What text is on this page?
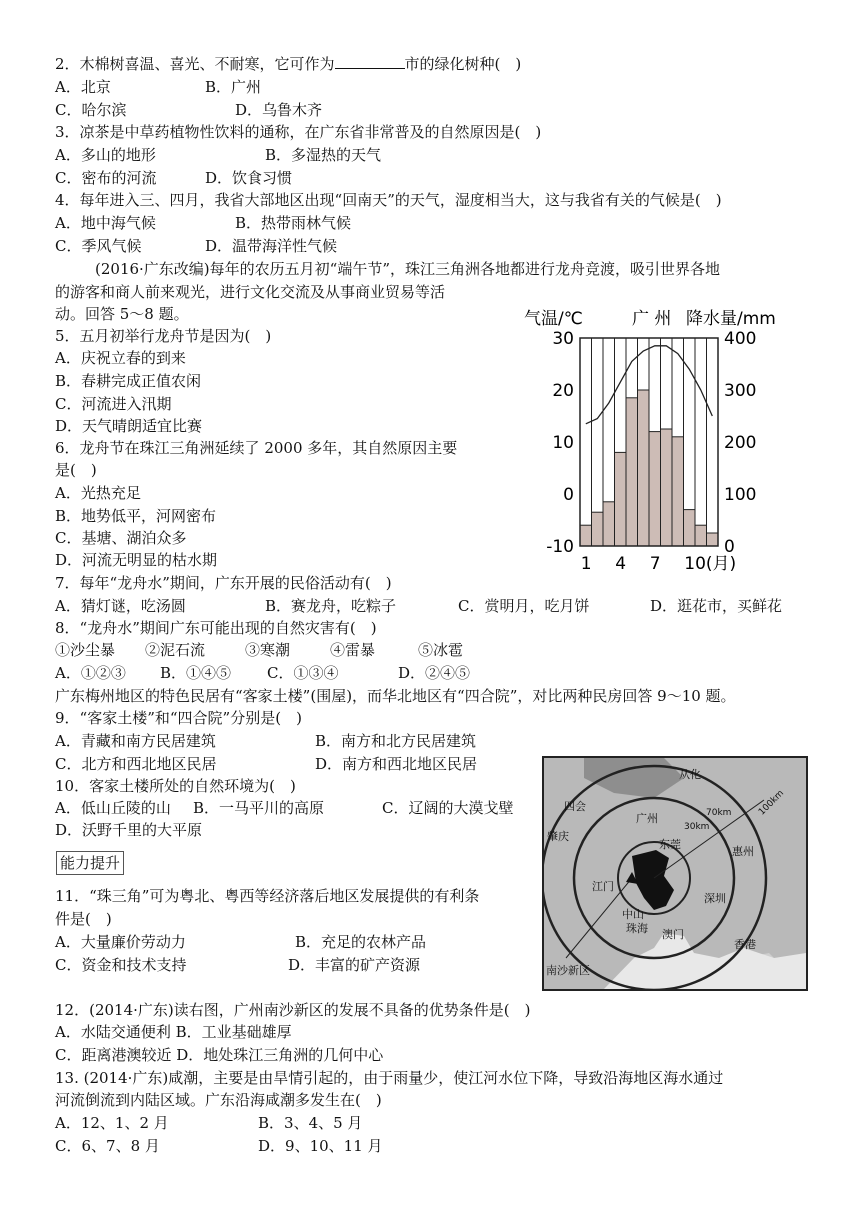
2．木棉树喜温、喜光、不耐寒，它可作为	市的绿化树种(　)
A．北京	B．广州
C．哈尔滨	D．乌鲁木齐
3．凉茶是中草药植物性饮料的通称，在广东省非常普及的自然原因是(　)
A．多山的地形	B．多湿热的天气
C．密布的河流	D．饮食习惯
4．每年进入三、四月，我省大部地区出现“回南天”的天气，湿度相当大，这与我省有关的气候是(　)
A．地中海气候	B．热带雨林气候
C．季风气候	D．温带海洋性气候
(2016·广东改编)每年的农历五月初“端午节”，珠江三角洲各地都进行龙舟竞渡，吸引世界各地
的游客和商人前来观光，进行文化交流及从事商业贸易等活
动。回答 5～8 题。
5．五月初举行龙舟节是因为(　)
A．庆祝立春的到来
B．春耕完成正值农闲
C．河流进入汛期
D．天气晴朗适宜比赛
6．龙舟节在珠江三角洲延续了 2000 多年，其自然原因主要
是(　)
A．光热充足
B．地势低平，河网密布
C．基塘、湖泊众多
D．河流无明显的枯水期
气温/℃	广 州 降水量/mm
30
20
10
0
-10
400
300
200
100
0
1 4 7 10(月)
7．每年“龙舟水”期间，广东开展的民俗活动有(　)
A．猜灯谜，吃汤圆	B．赛龙舟，吃粽子	C．赏明月，吃月饼	D．逛花市，买鲜花
8．“龙舟水”期间广东可能出现的自然灾害有(　)
①沙尘暴 ②泥石流	③寒潮	④雷暴	⑤冰雹
A．①②③ B．①④⑤ C．①③④	D．②④⑤
广东梅州地区的特色民居有“客家土楼”(围屋)，而华北地区有“四合院”，对比两种民房回答 9～10 题。
9．“客家土楼”和“四合院”分别是(　)
A．青藏和南方民居建筑	B．南方和北方民居建筑
C．北方和西北地区民居	D．南方和西北地区民居
10．客家土楼所处的自然环境为(　)
A．低山丘陵的山 B．一马平川的高原	C．辽阔的大漠戈壁
D．沃野千里的大平原
能力提升
从化
四会
广州	70km	100km
30km
东莞
惠州
肇庆
江门
深圳
中山
珠海 澳门
香港
南沙新区
11．“珠三角”可为粤北、粤西等经济落后地区发展提供的有利条
件是(　)
A．大量廉价劳动力	B．充足的农林产品
C．资金和技术支持	D．丰富的矿产资源
12．(2014·广东)读右图，广州南沙新区的发展不具备的优势条件是(　)
A．水陆交通便利 B．工业基础雄厚
C．距离港澳较近 D．地处珠江三角洲的几何中心
13. (2014·广东)咸潮，主要是由旱情引起的，由于雨量少，使江河水位下降，导致沿海地区海水通过
河流倒流到内陆区域。广东沿海咸潮多发生在(　)
A．12、1、2 月	B．3、4、5 月
C．6、7、8 月	D．9、10、11 月
